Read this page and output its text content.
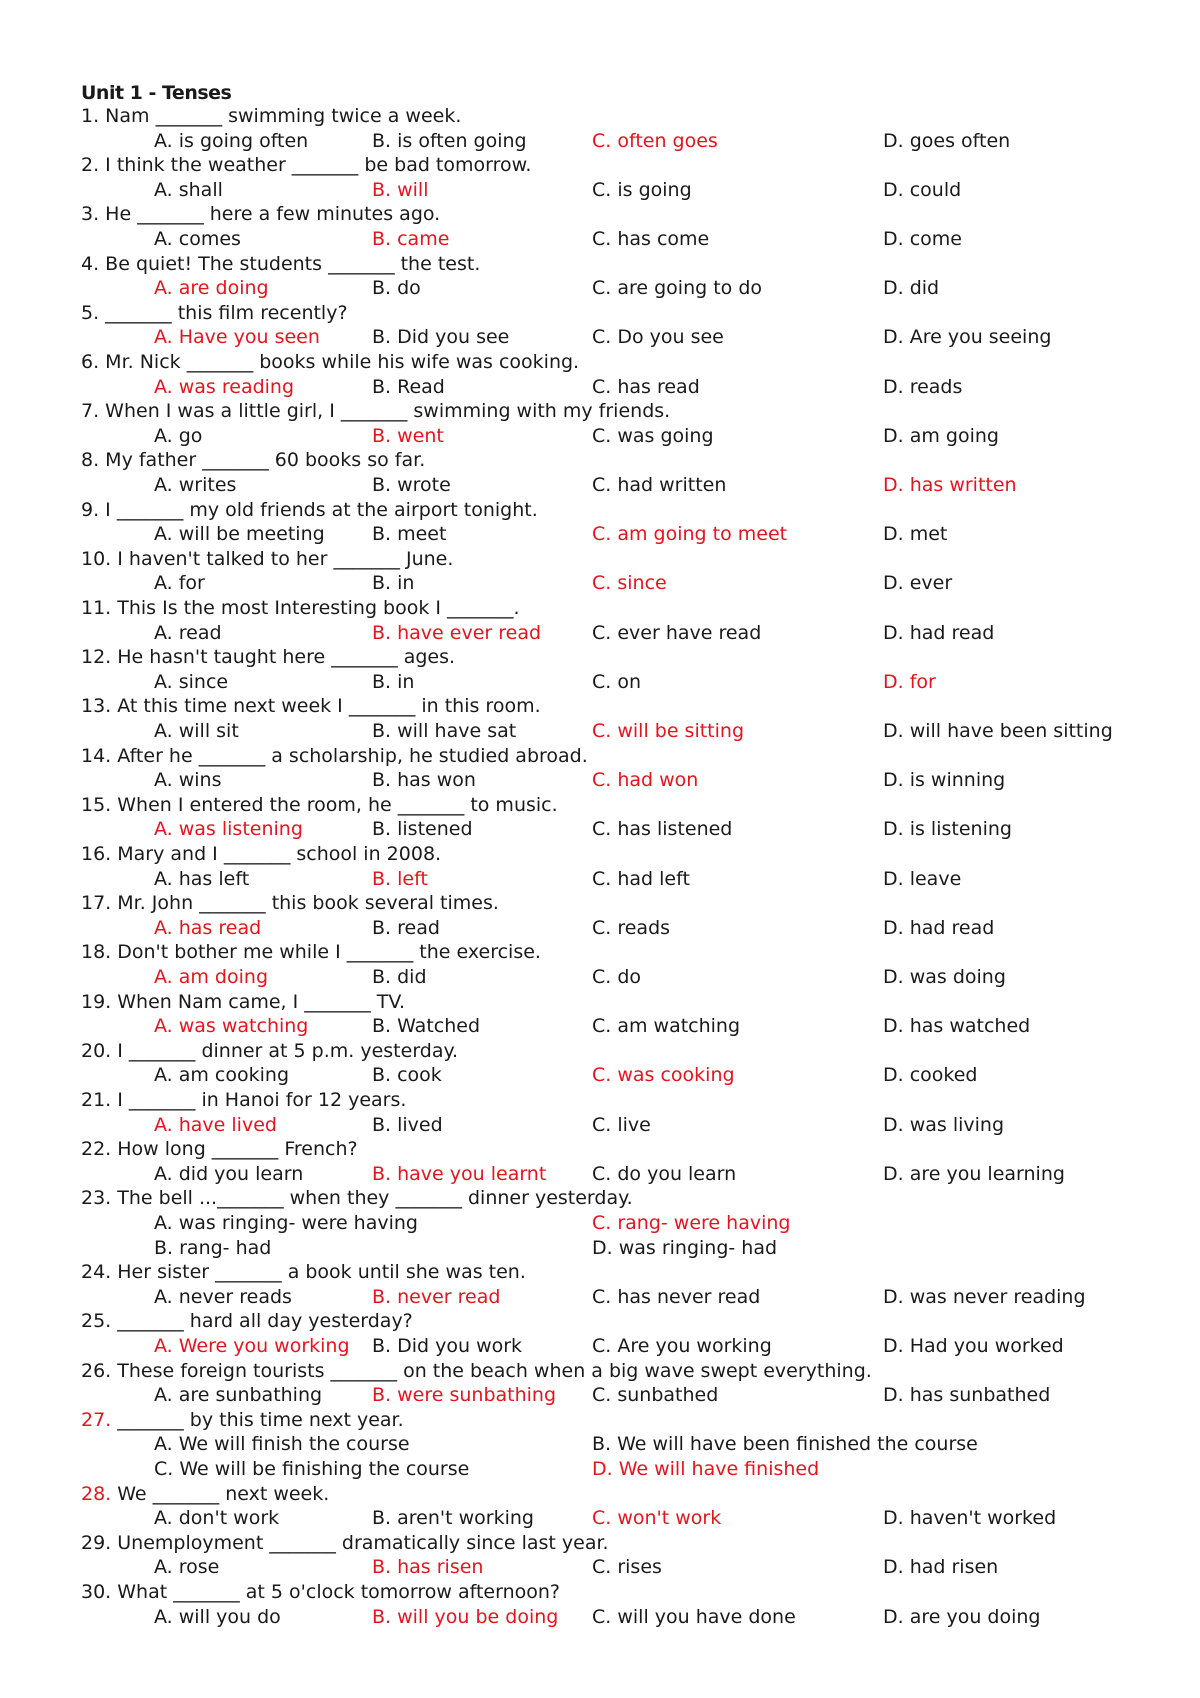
Unit 1 - Tenses
1. Nam _______ swimming twice a week.
A. is going often	B. is often going	C. often goes	D. goes often
2. I think the weather _______ be bad tomorrow.
A. shall	B. will	C. is going	D. could
3. He _______ here a few minutes ago.
A. comes	B. came	C. has come	D. come
4. Be quiet! The students _______ the test.
A. are doing	B. do	C. are going to do	D. did
5. _______ this film recently?
A. Have you seen	B. Did you see	C. Do you see	D. Are you seeing
6. Mr. Nick _______ books while his wife was cooking.
A. was reading	B. Read	C. has read	D. reads
7. When I was a little girl, I _______ swimming with my friends.
A. go	B. went	C. was going	D. am going
8. My father _______ 60 books so far.
A. writes	B. wrote	C. had written	D. has written
9. I _______ my old friends at the airport tonight.
A. will be meeting B. meet	C. am going to meet	D. met
10. I haven't talked to her _______ June.
A. for	B. in	C. since	D. ever
11. This Is the most Interesting book I _______.
A. read	B. have ever read	C. ever have read	D. had read
12. He hasn't taught here _______ ages.
A. since	B. in	C. on	D. for
13. At this time next week I _______ in this room.
A. will sit	B. will have sat	C. will be sitting	D. will have been sitting
14. After he _______ a scholarship, he studied abroad.
A. wins	B. has won	C. had won	D. is winning
15. When I entered the room, he _______ to music.
A. was listening	B. listened	C. has listened	D. is listening
16. Mary and I _______ school in 2008.
A. has left	B. left	C. had left	D. leave
17. Mr. John _______ this book several times.
A. has read	B. read	C. reads	D. had read
18. Don't bother me while I _______ the exercise.
A. am doing	B. did	C. do	D. was doing
19. When Nam came, I _______ TV.
A. was watching	B. Watched	C. am watching	D. has watched
20. I _______ dinner at 5 p.m. yesterday.
A. am cooking	B. cook	C. was cooking	D. cooked
21. I _______ in Hanoi for 12 years.
A. have lived	B. lived	C. live	D. was living
22. How long _______ French?
A. did you learn	B. have you learnt C. do you learn	D. are you learning
23. The bell ..._______ when they _______ dinner yesterday.
A. was ringing- were having	C. rang- were having
B. rang- had	D. was ringing- had
24. Her sister _______ a book until she was ten.
A. never reads	B. never read	C. has never read	D. was never reading
25. _______ hard all day yesterday?
A. Were you working B. Did you work	C. Are you working	D. Had you worked
26. These foreign tourists _______ on the beach when a big wave swept everything.
A. are sunbathing	B. were sunbathing C. sunbathed	D. has sunbathed
27. _______ by this time next year.
A. We will finish the course	B. We will have been finished the course
C. We will be finishing the course	D. We will have finished
28. We _______ next week.
A. don't work	B. aren't working	C. won't work	D. haven't worked
29. Unemployment _______ dramatically since last year.
A. rose	B. has risen	C. rises	D. had risen
30. What _______ at 5 o'clock tomorrow afternoon?
A. will you do	B. will you be doing C. will you have done	D. are you doing
